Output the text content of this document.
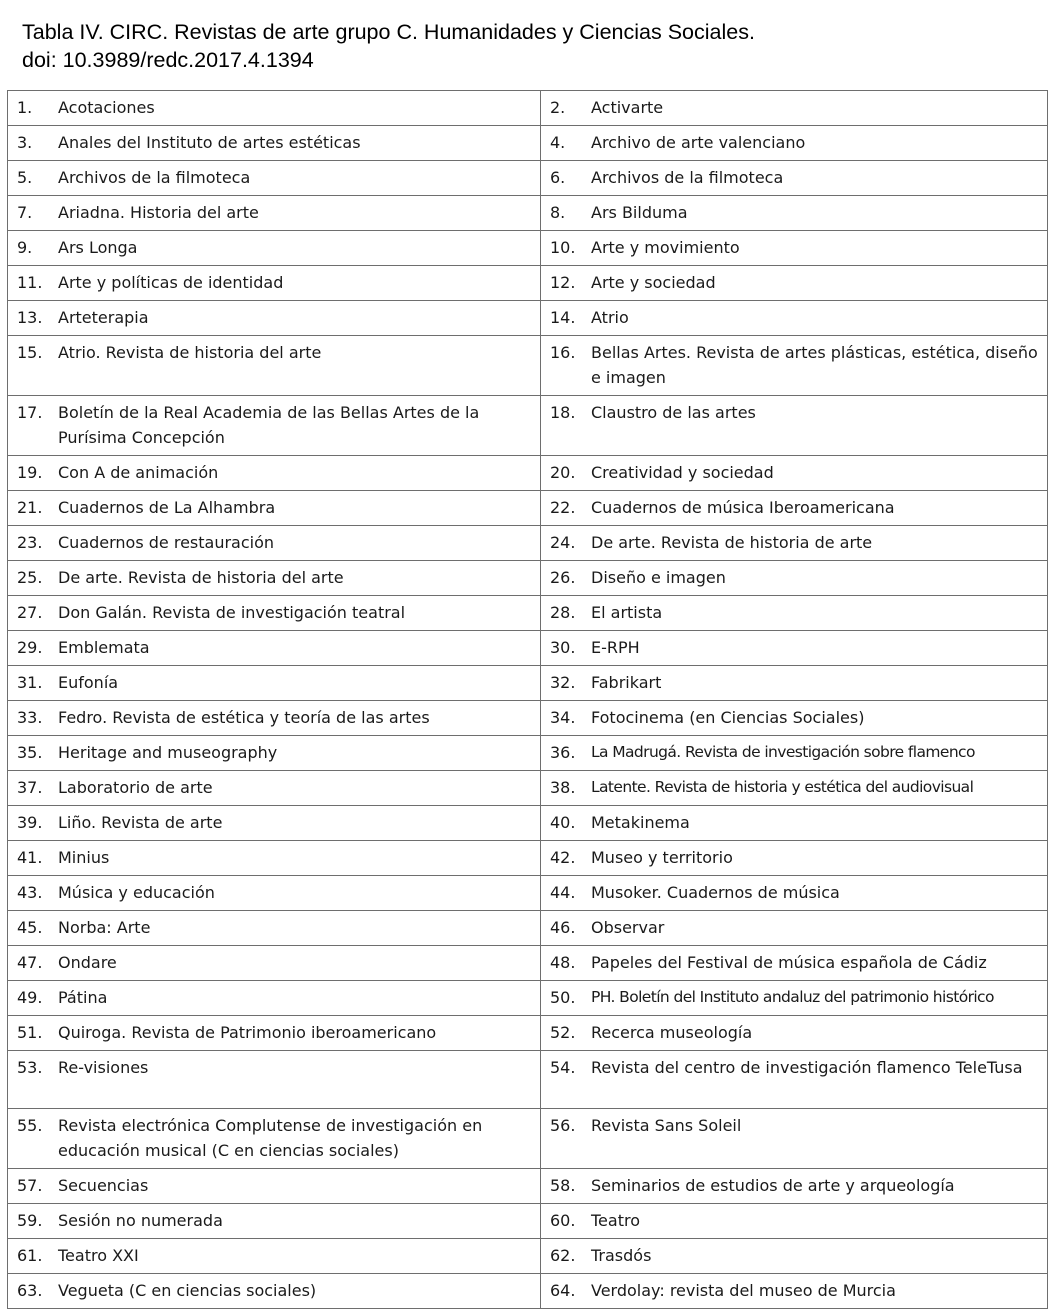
Tabla IV. CIRC. Revistas de arte grupo C. Humanidades y Ciencias Sociales.
doi: 10.3989/redc.2017.4.1394
1. Acotaciones	2. Activarte

3. Anales del Instituto de artes estéticas	4. Archivo de arte valenciano

5. Archivos de la filmoteca	6. Archivos de la filmoteca

7. Ariadna. Historia del arte	8. Ars Bilduma

9. Ars Longa	10. Arte y movimiento

11. Arte y políticas de identidad	12. Arte y sociedad

13. Arteterapia	14. Atrio

15. Atrio. Revista de historia del arte	16. Bellas Artes. Revista de artes plásticas, estética, diseño e imagen

17. Boletín de la Real Academia de las Bellas Artes de la Purísima Concepción	18. Claustro de las artes

19. Con A de animación	20. Creatividad y sociedad

21. Cuadernos de La Alhambra	22. Cuadernos de música Iberoamericana

23. Cuadernos de restauración	24. De arte. Revista de historia de arte

25. De arte. Revista de historia del arte	26. Diseño e imagen

27. Don Galán. Revista de investigación teatral	28. El artista

29. Emblemata	30. E-RPH

31. Eufonía	32. Fabrikart

33. Fedro. Revista de estética y teoría de las artes	34. Fotocinema (en Ciencias Sociales)

35. Heritage and museography	36. La Madrugá. Revista de investigación sobre flamenco

37. Laboratorio de arte	38. Latente. Revista de historia y estética del audiovisual

39. Liño. Revista de arte	40. Metakinema

41. Minius	42. Museo y territorio

43. Música y educación	44. Musoker. Cuadernos de música

45. Norba: Arte	46. Observar

47. Ondare	48. Papeles del Festival de música española de Cádiz

49. Pátina	50. PH. Boletín del Instituto andaluz del patrimonio histórico

51. Quiroga. Revista de Patrimonio iberoamericano	52. Recerca museología

53. Re-visiones	54. Revista del centro de investigación flamenco TeleTusa

55. Revista electrónica Complutense de investigación en educación musical (C en ciencias sociales)	56. Revista Sans Soleil

57. Secuencias	58. Seminarios de estudios de arte y arqueología

59. Sesión no numerada	60. Teatro

61. Teatro XXI	62. Trasdós

63. Vegueta (C en ciencias sociales)	64. Verdolay: revista del museo de Murcia
